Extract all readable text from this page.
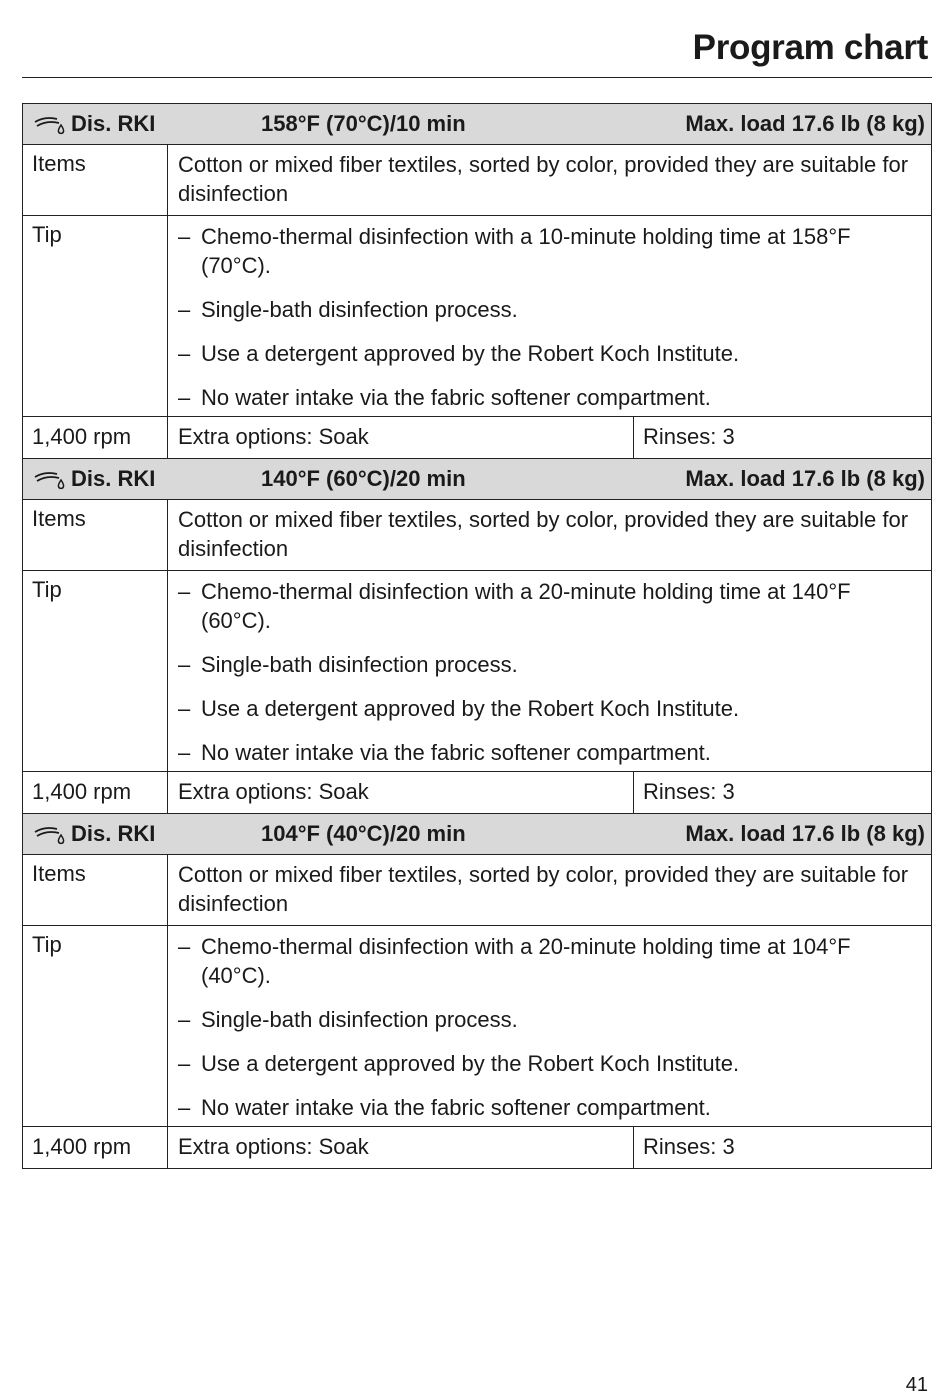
Program chart
Dis. RKI	158°F (70°C)/10 min	Max. load 17.6 lb (8 kg)
Items	Cotton or mixed fiber textiles, sorted by color, provided they are suitable for disinfection
Tip	– Chemo-thermal disinfection with a 10-minute holding time at 158°F (70°C).
– Single-bath disinfection process.
– Use a detergent approved by the Robert Koch Institute.
– No water intake via the fabric softener compartment.
1,400 rpm	Extra options: Soak	Rinses: 3
Dis. RKI	140°F (60°C)/20 min	Max. load 17.6 lb (8 kg)
Items	Cotton or mixed fiber textiles, sorted by color, provided they are suitable for disinfection
Tip	– Chemo-thermal disinfection with a 20-minute holding time at 140°F (60°C).
– Single-bath disinfection process.
– Use a detergent approved by the Robert Koch Institute.
– No water intake via the fabric softener compartment.
1,400 rpm	Extra options: Soak	Rinses: 3
Dis. RKI	104°F (40°C)/20 min	Max. load 17.6 lb (8 kg)
Items	Cotton or mixed fiber textiles, sorted by color, provided they are suitable for disinfection
Tip	– Chemo-thermal disinfection with a 20-minute holding time at 104°F (40°C).
– Single-bath disinfection process.
– Use a detergent approved by the Robert Koch Institute.
– No water intake via the fabric softener compartment.
1,400 rpm	Extra options: Soak	Rinses: 3
41
